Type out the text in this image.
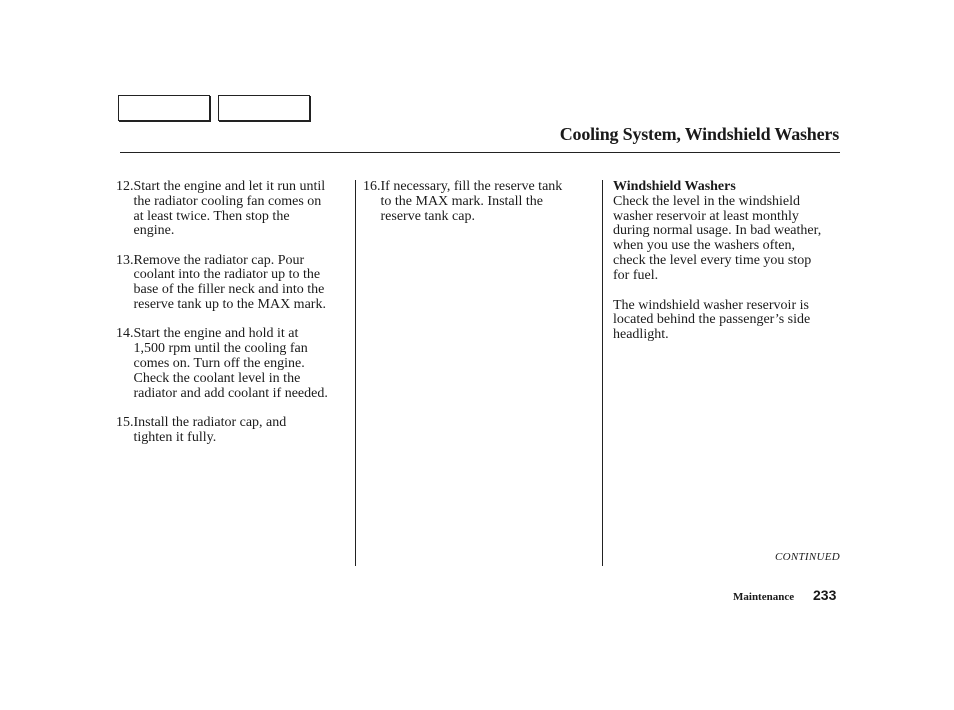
Cooling System, Windshield Washers
12. Start the engine and let it run until
the radiator cooling fan comes on
at least twice. Then stop the
engine.
13. Remove the radiator cap. Pour
coolant into the radiator up to the
base of the filler neck and into the
reserve tank up to the MAX mark.
14. Start the engine and hold it at
1,500 rpm until the cooling fan
comes on. Turn off the engine.
Check the coolant level in the
radiator and add coolant if needed.
15. Install the radiator cap, and
tighten it fully.
16. If necessary, fill the reserve tank
to the MAX mark. Install the
reserve tank cap.
Windshield Washers

Check the level in the windshield
washer reservoir at least monthly
during normal usage. In bad weather,
when you use the washers often,
check the level every time you stop
for fuel.

The windshield washer reservoir is
located behind the passenger’s side
headlight.

CONTINUED
Maintenance 233
